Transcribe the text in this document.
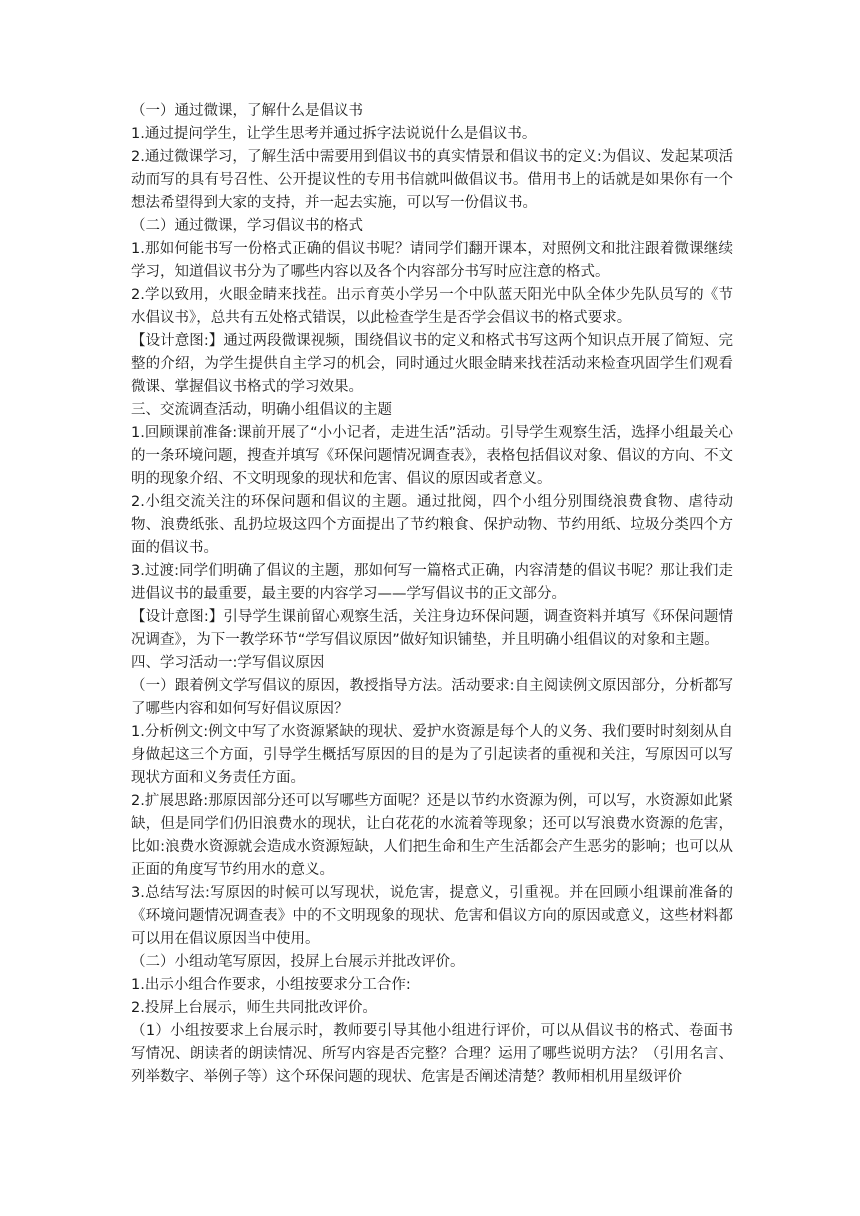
（一）通过微课，了解什么是倡议书

1.通过提问学生，让学生思考并通过拆字法说说什么是倡议书。

2.通过微课学习，了解生活中需要用到倡议书的真实情景和倡议书的定义:为倡议、发起某项活动而写的具有号召性、公开提议性的专用书信就叫做倡议书。借用书上的话就是如果你有一个想法希望得到大家的支持，并一起去实施，可以写一份倡议书。

（二）通过微课，学习倡议书的格式

1.那如何能书写一份格式正确的倡议书呢？请同学们翻开课本，对照例文和批注跟着微课继续学习，知道倡议书分为了哪些内容以及各个内容部分书写时应注意的格式。

2.学以致用，火眼金睛来找茬。出示育英小学另一个中队蓝天阳光中队全体少先队员写的《节水倡议书》，总共有五处格式错误，以此检查学生是否学会倡议书的格式要求。

【设计意图:】通过两段微课视频，围绕倡议书的定义和格式书写这两个知识点开展了简短、完整的介绍，为学生提供自主学习的机会，同时通过火眼金睛来找茬活动来检查巩固学生们观看微课、掌握倡议书格式的学习效果。

三、交流调查活动，明确小组倡议的主题

1.回顾课前准备:课前开展了“小小记者，走进生活”活动。引导学生观察生活，选择小组最关心的一条环境问题，搜查并填写《环保问题情况调查表》，表格包括倡议对象、倡议的方向、不文明的现象介绍、不文明现象的现状和危害、倡议的原因或者意义。

2.小组交流关注的环保问题和倡议的主题。通过批阅，四个小组分别围绕浪费食物、虐待动物、浪费纸张、乱扔垃圾这四个方面提出了节约粮食、保护动物、节约用纸、垃圾分类四个方面的倡议书。

3.过渡:同学们明确了倡议的主题，那如何写一篇格式正确，内容清楚的倡议书呢？那让我们走进倡议书的最重要，最主要的内容学习——学写倡议书的正文部分。

【设计意图:】引导学生课前留心观察生活，关注身边环保问题，调查资料并填写《环保问题情况调查》，为下一教学环节“学写倡议原因”做好知识铺垫，并且明确小组倡议的对象和主题。

四、学习活动一:学写倡议原因

（一）跟着例文学写倡议的原因，教授指导方法。活动要求:自主阅读例文原因部分，分析都写了哪些内容和如何写好倡议原因？

1.分析例文:例文中写了水资源紧缺的现状、爱护水资源是每个人的义务、我们要时时刻刻从自身做起这三个方面，引导学生概括写原因的目的是为了引起读者的重视和关注，写原因可以写现状方面和义务责任方面。

2.扩展思路:那原因部分还可以写哪些方面呢？还是以节约水资源为例，可以写，水资源如此紧缺，但是同学们仍旧浪费水的现状，让白花花的水流着等现象；还可以写浪费水资源的危害，比如:浪费水资源就会造成水资源短缺，人们把生命和生产生活都会产生恶劣的影响；也可以从正面的角度写节约用水的意义。

3.总结写法:写原因的时候可以写现状，说危害，提意义，引重视。并在回顾小组课前准备的《环境问题情况调查表》中的不文明现象的现状、危害和倡议方向的原因或意义，这些材料都可以用在倡议原因当中使用。

（二）小组动笔写原因，投屏上台展示并批改评价。

1.出示小组合作要求，小组按要求分工合作:

2.投屏上台展示，师生共同批改评价。

（1）小组按要求上台展示时，教师要引导其他小组进行评价，可以从倡议书的格式、卷面书写情况、朗读者的朗读情况、所写内容是否完整？合理？运用了哪些说明方法？（引用名言、列举数字、举例子等）这个环保问题的现状、危害是否阐述清楚？教师相机用星级评价
